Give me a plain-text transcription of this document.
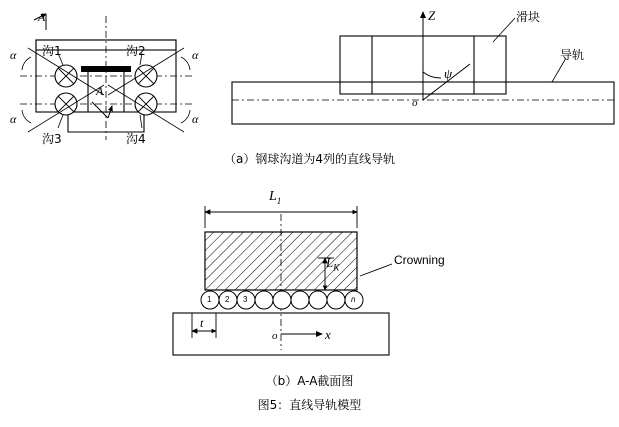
A
A
沟1	沟2
沟3	沟4
α	α
α	α
Z
ψ
o
滑块
导轨
（a）钢球沟道为4列的直线导轨
$L_1$
$L_K$
Crowning
t
o	x
1 2 3	n
（b）A-A截面图
图5：直线导轨模型
